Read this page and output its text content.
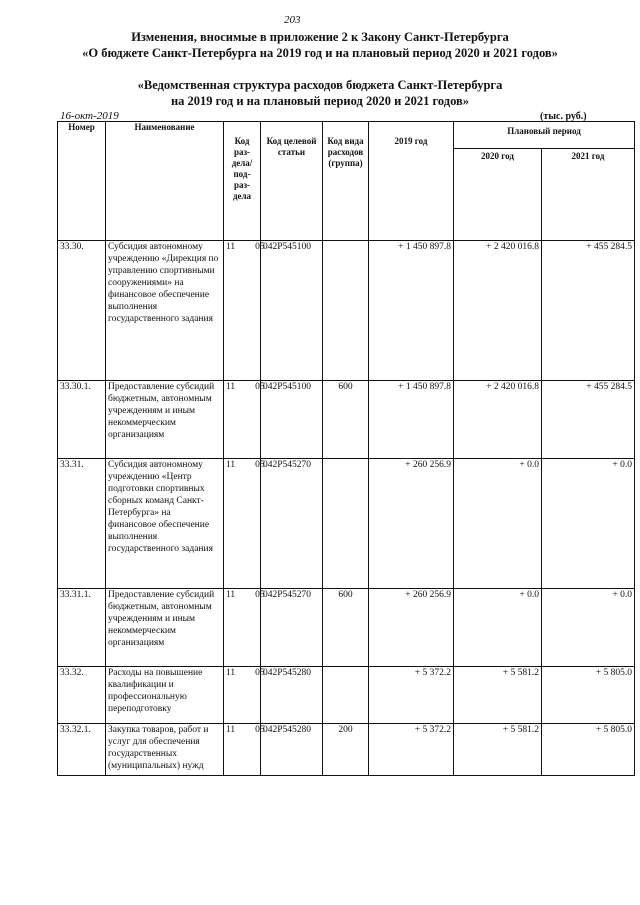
203
Изменения, вносимые в приложение 2 к Закону Санкт-Петербурга
«О бюджете Санкт-Петербурга на 2019 год и на плановый период 2020 и 2021 годов»
«Ведомственная структура расходов бюджета Санкт-Петербурга
на 2019 год и на плановый период 2020 и 2021 годов»
16-окт-2019	(тыс. руб.)
Номер	Наименование	Код раз- дела/ под- раз- дела	Код целевой статьи	Код вида расходов (группа)	2019 год	Плановый период	
						2020 год	2021 год
33.30.	Субсидия автономному учреждению «Дирекция по управлению спортивными сооружениями» на финансовое обеспечение выполнения государственного задания	11 05	042P545100		+ 1 450 897.8	+ 2 420 016.8	+ 455 284.5
33.30.1.	Предоставление субсидий бюджетным, автономным учреждениям и иным некоммерческим организациям	11 05	042P545100	600	+ 1 450 897.8	+ 2 420 016.8	+ 455 284.5
33.31.	Субсидия автономному учреждению «Центр подготовки спортивных сборных команд Санкт-Петербурга» на финансовое обеспечение выполнения государственного задания	11 05	042P545270		+ 260 256.9	+ 0.0	+ 0.0
33.31.1.	Предоставление субсидий бюджетным, автономным учреждениям и иным некоммерческим организациям	11 05	042P545270	600	+ 260 256.9	+ 0.0	+ 0.0
33.32.	Расходы на повышение квалификации и профессиональную переподготовку	11 05	042P545280		+ 5 372.2	+ 5 581.2	+ 5 805.0
33.32.1.	Закупка товаров, работ и услуг для обеспечения государственных (муниципальных) нужд	11 05	042P545280	200	+ 5 372.2	+ 5 581.2	+ 5 805.0
